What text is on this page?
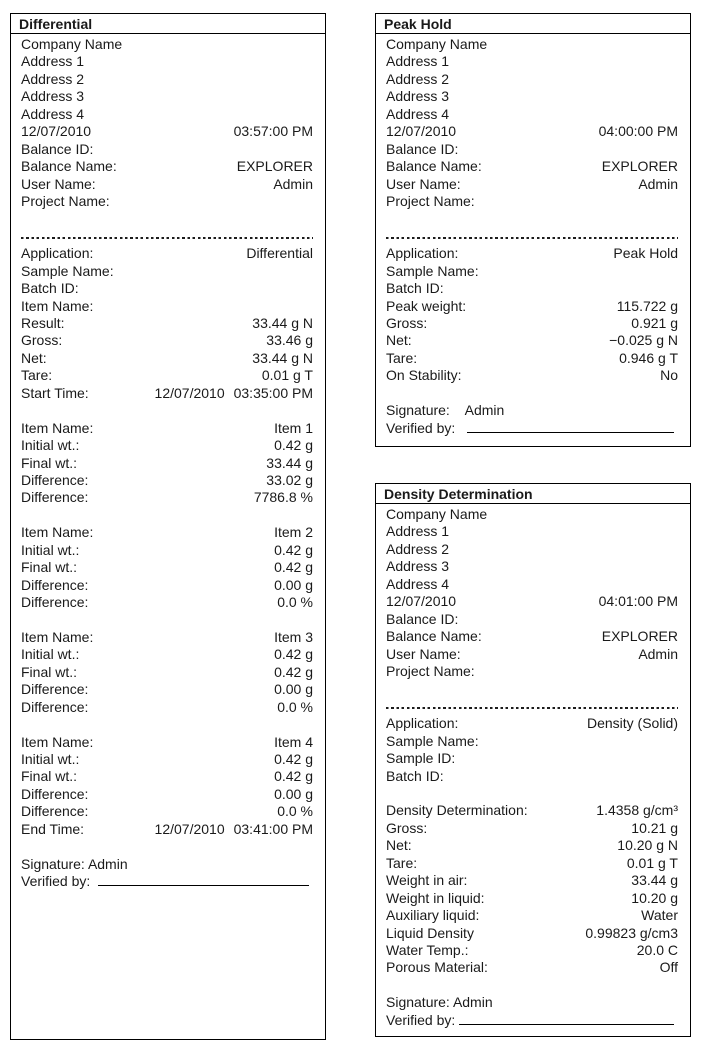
Differential
Company Name
Address 1
Address 2
Address 3
Address 4
12/07/2010	03:57:00 PM
Balance ID:
Balance Name:	EXPLORER
User Name:	Admin
Project Name:
Application:	Differential
Sample Name:
Batch ID:
Item Name:
Result:	33.44 g N
Gross:	33.46 g
Net:	33.44 g N
Tare:	0.01 g T
Start Time:	12/07/2010 03:35:00 PM
Item Name:	Item 1
Initial wt.:	0.42 g
Final wt.:	33.44 g
Difference:	33.02 g
Difference:	7786.8 %
Item Name:	Item 2
Initial wt.:	0.42 g
Final wt.:	0.42 g
Difference:	0.00 g
Difference:	0.0 %
Item Name:	Item 3
Initial wt.:	0.42 g
Final wt.:	0.42 g
Difference:	0.00 g
Difference:	0.0 %
Item Name:	Item 4
Initial wt.:	0.42 g
Final wt.:	0.42 g
Difference:	0.00 g
Difference:	0.0 %
End Time:	12/07/2010 03:41:00 PM
Signature: Admin
Verified by:
Peak Hold
Company Name
Address 1
Address 2
Address 3
Address 4
12/07/2010	04:00:00 PM
Balance ID:
Balance Name:	EXPLORER
User Name:	Admin
Project Name:
Application:	Peak Hold
Sample Name:
Batch ID:
Peak weight:	115.722 g
Gross:	0.921 g
Net:	−0.025 g N
Tare:	0.946 g T
On Stability:	No
Signature:    Admin
Verified by:
Density Determination
Company Name
Address 1
Address 2
Address 3
Address 4
12/07/2010	04:01:00 PM
Balance ID:
Balance Name:	EXPLORER
User Name:	Admin
Project Name:
Application:	Density (Solid)
Sample Name:
Sample ID:
Batch ID:
Density Determination:	1.4358 g/cm³
Gross:	10.21 g
Net:	10.20 g N
Tare:	0.01 g T
Weight in air:	33.44 g
Weight in liquid:	10.20 g
Auxiliary liquid:	Water
Liquid Density	0.99823 g/cm3
Water Temp.:	20.0 C
Porous Material:	Off
Signature: Admin
Verified by:
